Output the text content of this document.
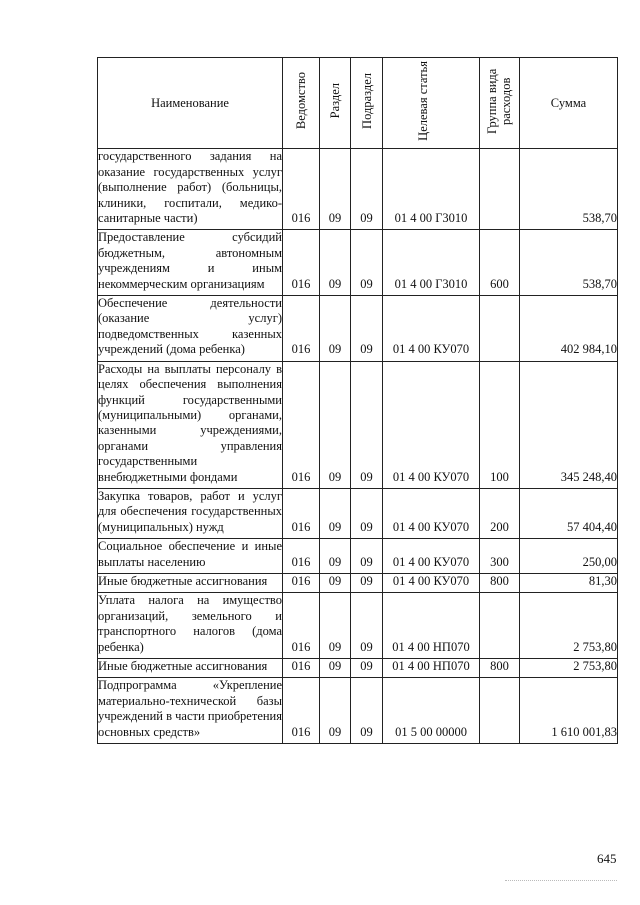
Наименование	Ведомство	Раздел	Подраздел	Целевая статья	Группа вида расходов	Сумма
государственного задания на оказание государственных услуг (выполнение работ) (больницы, клиники, госпитали, медико-санитарные части)	016	09	09	01 4 00 Г3010		538,70
Предоставление субсидий бюджетным, автономным учреждениям и иным некоммерческим организациям	016	09	09	01 4 00 Г3010	600	538,70
Обеспечение деятельности (оказание услуг) подведомственных казенных учреждений (дома ребенка)	016	09	09	01 4 00 КУ070		402 984,10
Расходы на выплаты персоналу в целях обеспечения выполнения функций государственными (муниципальными) органами, казенными учреждениями, органами управления государственными внебюджетными фондами	016	09	09	01 4 00 КУ070	100	345 248,40
Закупка товаров, работ и услуг для обеспечения государственных (муниципальных) нужд	016	09	09	01 4 00 КУ070	200	57 404,40
Социальное обеспечение и иные выплаты населению	016	09	09	01 4 00 КУ070	300	250,00
Иные бюджетные ассигнования	016	09	09	01 4 00 КУ070	800	81,30
Уплата налога на имущество организаций, земельного и транспортного налогов (дома ребенка)	016	09	09	01 4 00 НП070		2 753,80
Иные бюджетные ассигнования	016	09	09	01 4 00 НП070	800	2 753,80
Подпрограмма «Укрепление материально-технической базы учреждений в части приобретения основных средств»	016	09	09	01 5 00 00000		1 610 001,83
645
